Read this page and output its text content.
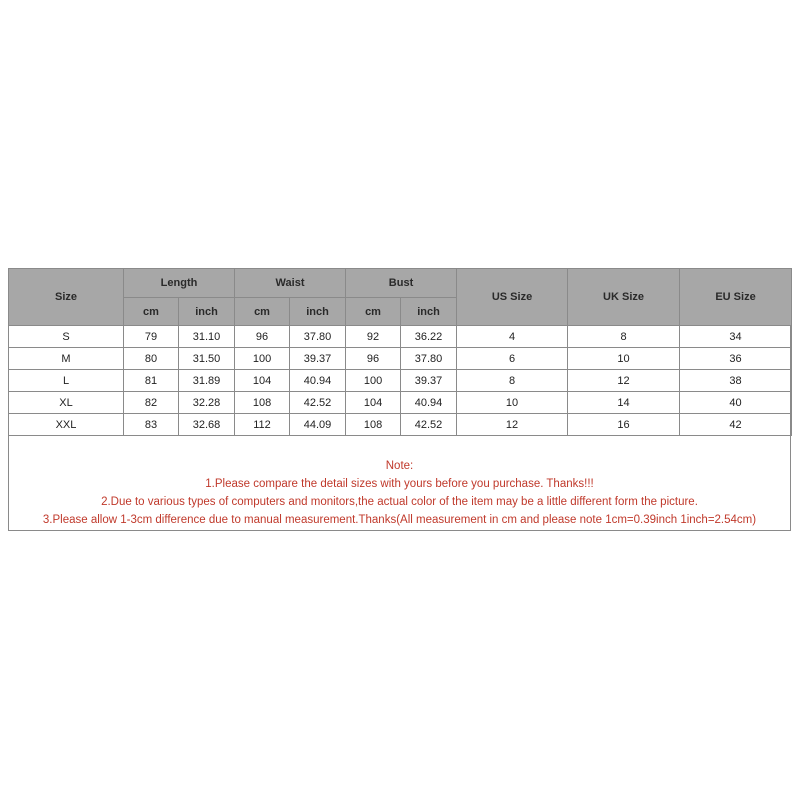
Size	Length		Waist		Bust		US Size	UK Size	EU Size
	cm	inch	cm	inch	cm	inch			
S	79	31.10	96	37.80	92	36.22	4	8	34
M	80	31.50	100	39.37	96	37.80	6	10	36
L	81	31.89	104	40.94	100	39.37	8	12	38
XL	82	32.28	108	42.52	104	40.94	10	14	40
XXL	83	32.68	112	44.09	108	42.52	12	16	42
Note:
1.Please compare the detail sizes with yours before you purchase. Thanks!!!
2.Due to various types of computers and monitors,the actual color of the item may be a little different form the picture.
3.Please allow 1-3cm difference due to manual measurement.Thanks(All measurement in cm and please note 1cm=0.39inch 1inch=2.54cm)
